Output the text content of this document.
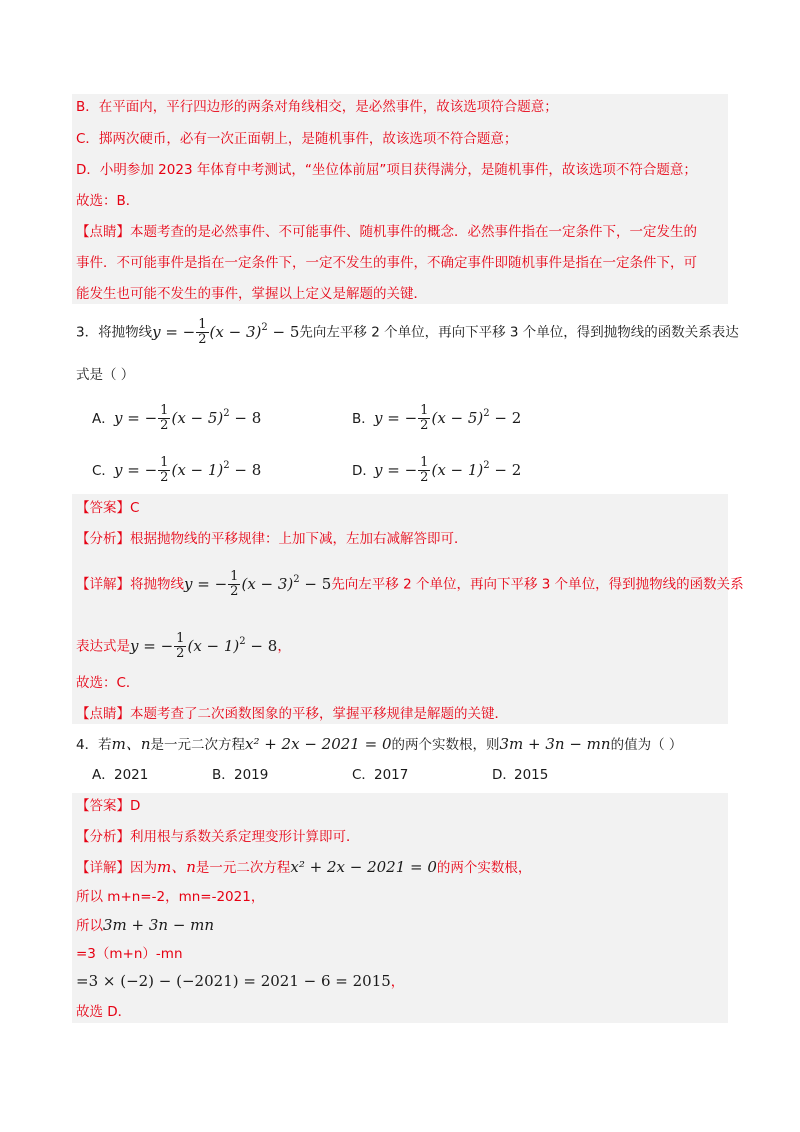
B．在平面内，平行四边形的两条对角线相交，是必然事件，故该选项符合题意；
C．掷两次硬币，必有一次正面朝上，是随机事件，故该选项不符合题意；
D．小明参加 2023 年体育中考测试，“坐位体前屈”项目获得满分，是随机事件，故该选项不符合题意；
故选：B．
【点睛】本题考查的是必然事件、不可能事件、随机事件的概念．必然事件指在一定条件下，一定发生的
事件．不可能事件是指在一定条件下，一定不发生的事件，不确定事件即随机事件是指在一定条件下，可
能发生也可能不发生的事件，掌握以上定义是解题的关键．
3．将抛物线y = − $\frac{1}{2} (x - 3)^2 - 5$先向左平移 2 个单位，再向下平移 3 个单位，得到抛物线的函数关系表达
式是（ ）
A．y = − $\frac{1}{2} (x - 5)^2 - 8$	B．y = − $\frac{1}{2} (x - 5)^2 - 2$
C．y = − $\frac{1}{2} (x - 1)^2 - 8$	D．y = − $\frac{1}{2} (x - 1)^2 - 2$
【答案】C
【分析】根据抛物线的平移规律：上加下减，左加右减解答即可．
【详解】将抛物线y = − $\frac{1}{2} (x - 3)^2 - 5$先向左平移 2 个单位，再向下平移 3 个单位，得到抛物线的函数关系
表达式是y = − $\frac{1}{2} (x - 1)^2 - 8$，
故选：C．
【点睛】本题考查了二次函数图象的平移，掌握平移规律是解题的关键．
4．若m、n是一元二次方程x² + 2x − 2021 = 0的两个实数根，则3m + 3n − mn的值为（ ）
A．2021	B．2019	C．2017	D．2015
【答案】D
【分析】利用根与系数关系定理变形计算即可．
【详解】因为m、n是一元二次方程x² + 2x − 2021 = 0的两个实数根，
所以 m+n=-2，mn=-2021，
所以3m + 3n − mn
=3（m+n）-mn
=3 × (−2) − (−2021) = 2021 − 6 = 2015，
故选 D．
